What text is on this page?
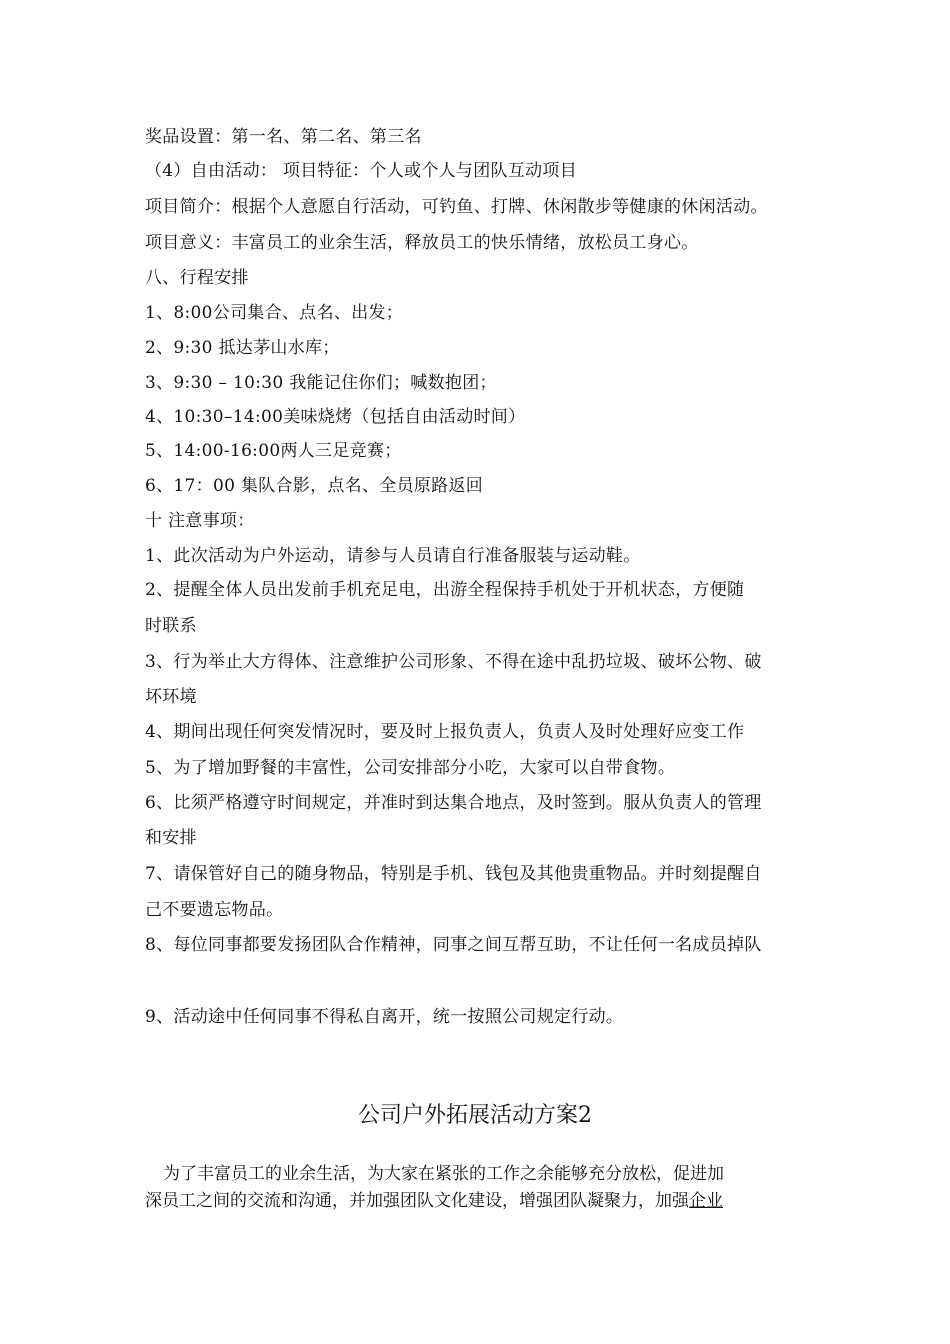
奖品设置：第一名、第二名、第三名
（4）自由活动： 项目特征：个人或个人与团队互动项目
项目简介：根据个人意愿自行活动，可钓鱼、打牌、休闲散步等健康的休闲活动。
项目意义：丰富员工的业余生活，释放员工的快乐情绪，放松员工身心。
八、行程安排
1、8:00公司集合、点名、出发；
2、9:30 抵达茅山水库；
3、9:30 – 10:30 我能记住你们；喊数抱团；
4、10:30–14:00美味烧烤（包括自由活动时间）
5、14:00-16:00两人三足竞赛；
6、17：00 集队合影，点名、全员原路返回
十 注意事项：
1、此次活动为户外运动，请参与人员请自行准备服装与运动鞋。
2、提醒全体人员出发前手机充足电，出游全程保持手机处于开机状态，方便随
时联系
3、行为举止大方得体、注意维护公司形象、不得在途中乱扔垃圾、破坏公物、破
坏环境
4、期间出现任何突发情况时，要及时上报负责人，负责人及时处理好应变工作
5、为了增加野餐的丰富性，公司安排部分小吃，大家可以自带食物。
6、比须严格遵守时间规定，并准时到达集合地点，及时签到。服从负责人的管理
和安排
7、请保管好自己的随身物品，特别是手机、钱包及其他贵重物品。并时刻提醒自
己不要遗忘物品。
8、每位同事都要发扬团队合作精神，同事之间互帮互助，不让任何一名成员掉队
9、活动途中任何同事不得私自离开，统一按照公司规定行动。
公司户外拓展活动方案2
为了丰富员工的业余生活，为大家在紧张的工作之余能够充分放松，促进加
深员工之间的交流和沟通，并加强团队文化建设，增强团队凝聚力，加强企业
